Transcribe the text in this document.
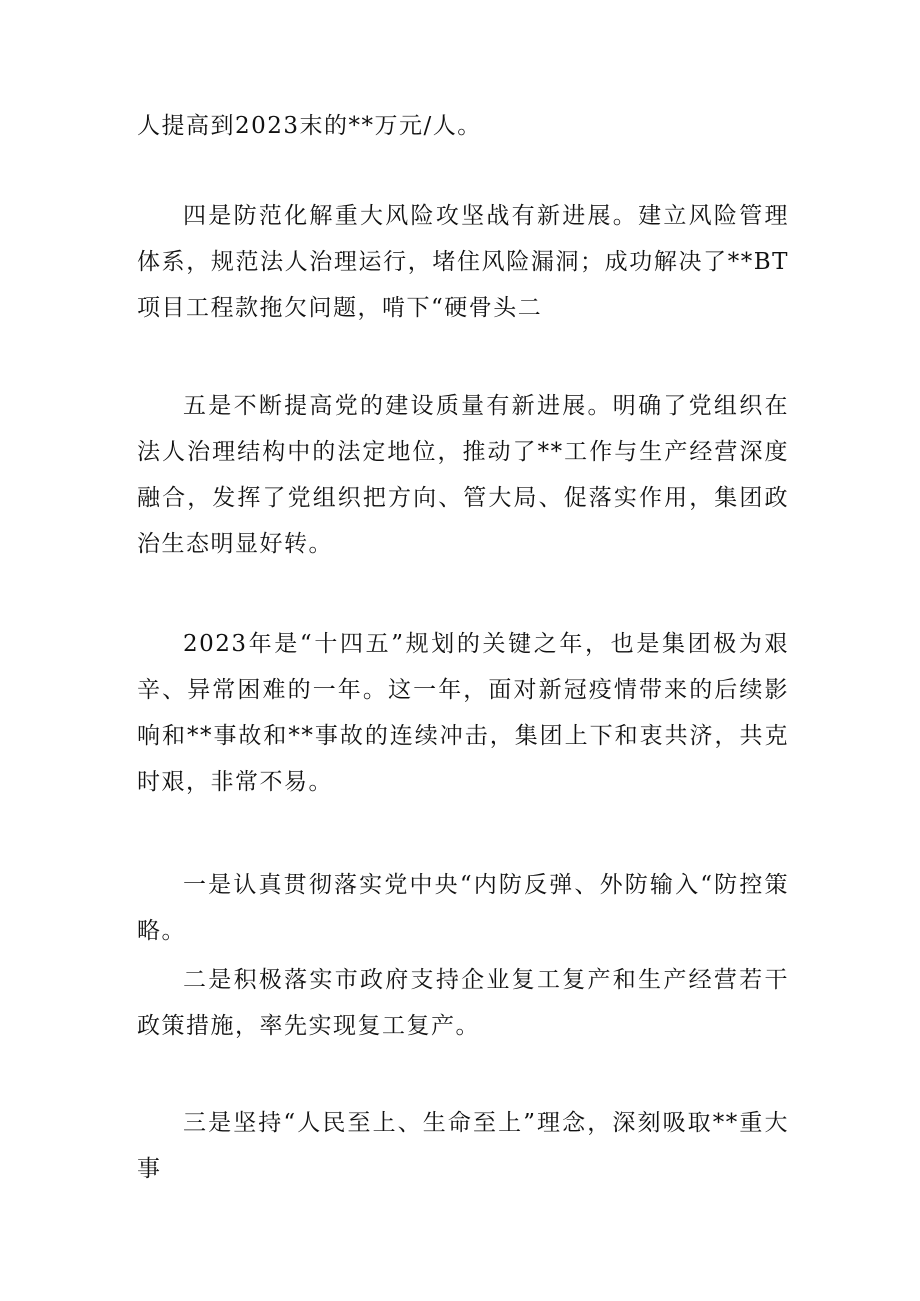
人提高到2023末的**万元/人。

四是防范化解重大风险攻坚战有新进展。建立风险管理体系，规范法人治理运行，堵住风险漏洞；成功解决了**BT项目工程款拖欠问题，啃下“硬骨头二

五是不断提高党的建设质量有新进展。明确了党组织在法人治理结构中的法定地位，推动了**工作与生产经营深度融合，发挥了党组织把方向、管大局、促落实作用，集团政治生态明显好转。

2023年是“十四五”规划的关键之年，也是集团极为艰辛、异常困难的一年。这一年，面对新冠疫情带来的后续影响和**事故和**事故的连续冲击，集团上下和衷共济，共克时艰，非常不易。

一是认真贯彻落实党中央“内防反弹、外防输入“防控策略。

二是积极落实市政府支持企业复工复产和生产经营若干政策措施，率先实现复工复产。

三是坚持“人民至上、生命至上”理念，深刻吸取**重大事
